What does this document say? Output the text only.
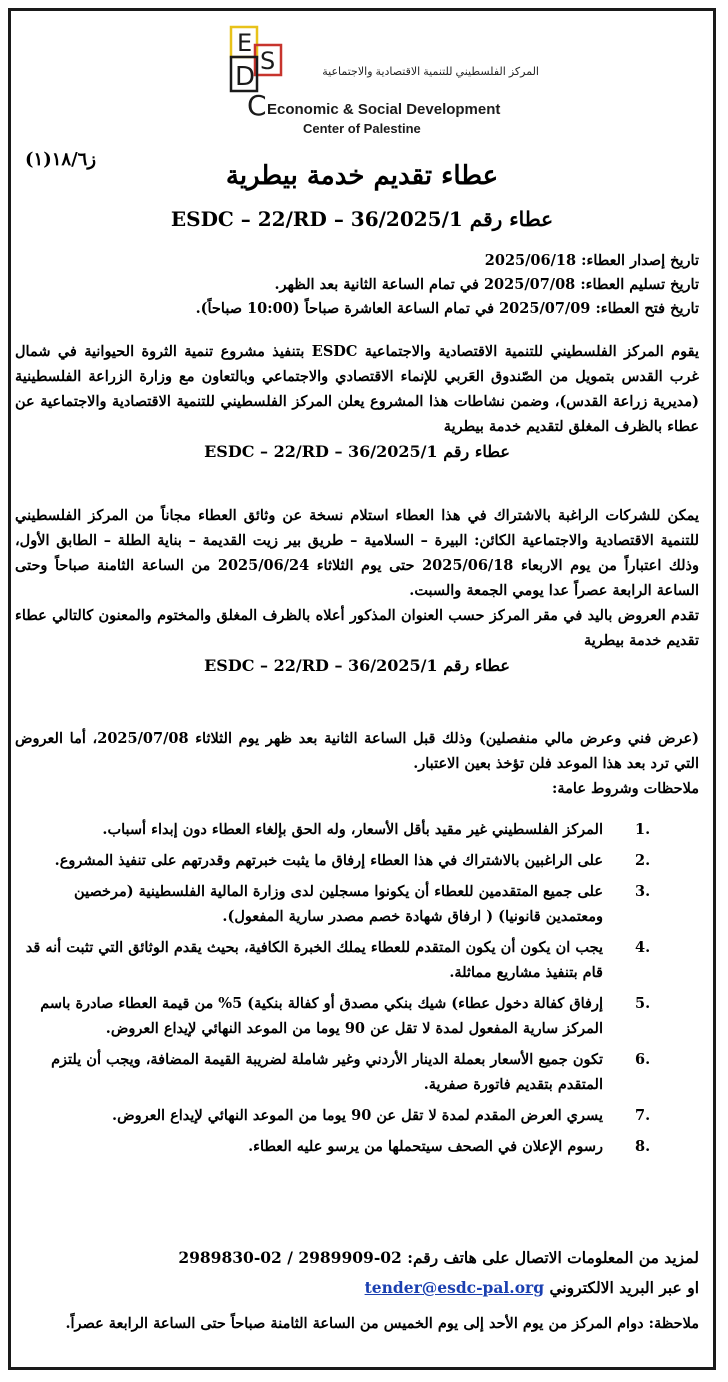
E
S
D
C
المركز الفلسطيني للتنمية الاقتصادية والاجتماعية
Economic & Social Development
Center of Palestine
ز١٨/٦(١)
عطاء تقديم خدمة بيطرية
عطاء رقم 1/ESDC – 22/RD – 36/2025
تاريخ إصدار العطاء: 2025/06/18
تاريخ تسليم العطاء: 2025/07/08 في تمام الساعة الثانية بعد الظهر.
تاريخ فتح العطاء: 2025/07/09 في تمام الساعة العاشرة صباحاً (10:00 صباحاً).
يقوم المركز الفلسطيني للتنمية الاقتصادية والاجتماعية ESDC بتنفيذ مشروع تنمية الثروة الحيوانية في شمال غرب القدس بتمويل من الصّندوق العَربي للإنماء الاقتصادي والاجتماعي وبالتعاون مع وزارة الزراعة الفلسطينية (مديرية زراعة القدس)، وضمن نشاطات هذا المشروع يعلن المركز الفلسطيني للتنمية الاقتصادية والاجتماعية عن عطاء بالظرف المغلق لتقديم خدمة بيطرية
عطاء رقم 1/ESDC – 22/RD – 36/2025
يمكن للشركات الراغبة بالاشتراك في هذا العطاء استلام نسخة عن وثائق العطاء مجاناً من المركز الفلسطيني للتنمية الاقتصادية والاجتماعية الكائن: البيرة – السلامية – طريق بير زيت القديمة – بناية الطلة – الطابق الأول، وذلك اعتباراً من يوم الاربعاء 2025/06/18 حتى يوم الثلاثاء 2025/06/24 من الساعة الثامنة صباحاً وحتى الساعة الرابعة عصراً عدا يومي الجمعة والسبت.
تقدم العروض باليد في مقر المركز حسب العنوان المذكور أعلاه بالظرف المغلق والمختوم والمعنون كالتالي عطاء تقديم خدمة بيطرية
عطاء رقم 1/ESDC – 22/RD – 36/2025
(عرض فني وعرض مالي منفصلين) وذلك قبل الساعة الثانية بعد ظهر يوم الثلاثاء 2025/07/08، أما العروض التي ترد بعد هذا الموعد فلن تؤخذ بعين الاعتبار.
ملاحظات وشروط عامة:
1.
المركز الفلسطيني غير مقيد بأقل الأسعار، وله الحق بإلغاء العطاء دون إبداء أسباب.
2.
على الراغبين بالاشتراك في هذا العطاء إرفاق ما يثبت خبرتهم وقدرتهم على تنفيذ المشروع.
3.
على جميع المتقدمين للعطاء أن يكونوا مسجلين لدى وزارة المالية الفلسطينية (مرخصين ومعتمدين قانونيا) ( ارفاق شهادة خصم مصدر سارية المفعول).
4.
يجب ان يكون أن يكون المتقدم للعطاء يملك الخبرة الكافية، بحيث يقدم الوثائق التي تثبت أنه قد قام بتنفيذ مشاريع مماثلة.
5.
إرفاق كفالة دخول عطاء) شيك بنكي مصدق أو كفالة بنكية) 5% من قيمة العطاء صادرة باسم المركز سارية المفعول لمدة لا تقل عن 90 يوما من الموعد النهائي لإيداع العروض.
6.
تكون جميع الأسعار بعملة الدينار الأردني وغير شاملة لضريبة القيمة المضافة، ويجب أن يلتزم المتقدم بتقديم فاتورة صفرية.
7.
يسري العرض المقدم لمدة لا تقل عن 90 يوما من الموعد النهائي لإيداع العروض.
8.
رسوم الإعلان في الصحف سيتحملها من يرسو عليه العطاء.
لمزيد من المعلومات الاتصال على هاتف رقم: 02-2989909 / 02-2989830
او عبر البريد الالكتروني tender@esdc-pal.org
ملاحظة: دوام المركز من يوم الأحد إلى يوم الخميس من الساعة الثامنة صباحاً حتى الساعة الرابعة عصراً.
